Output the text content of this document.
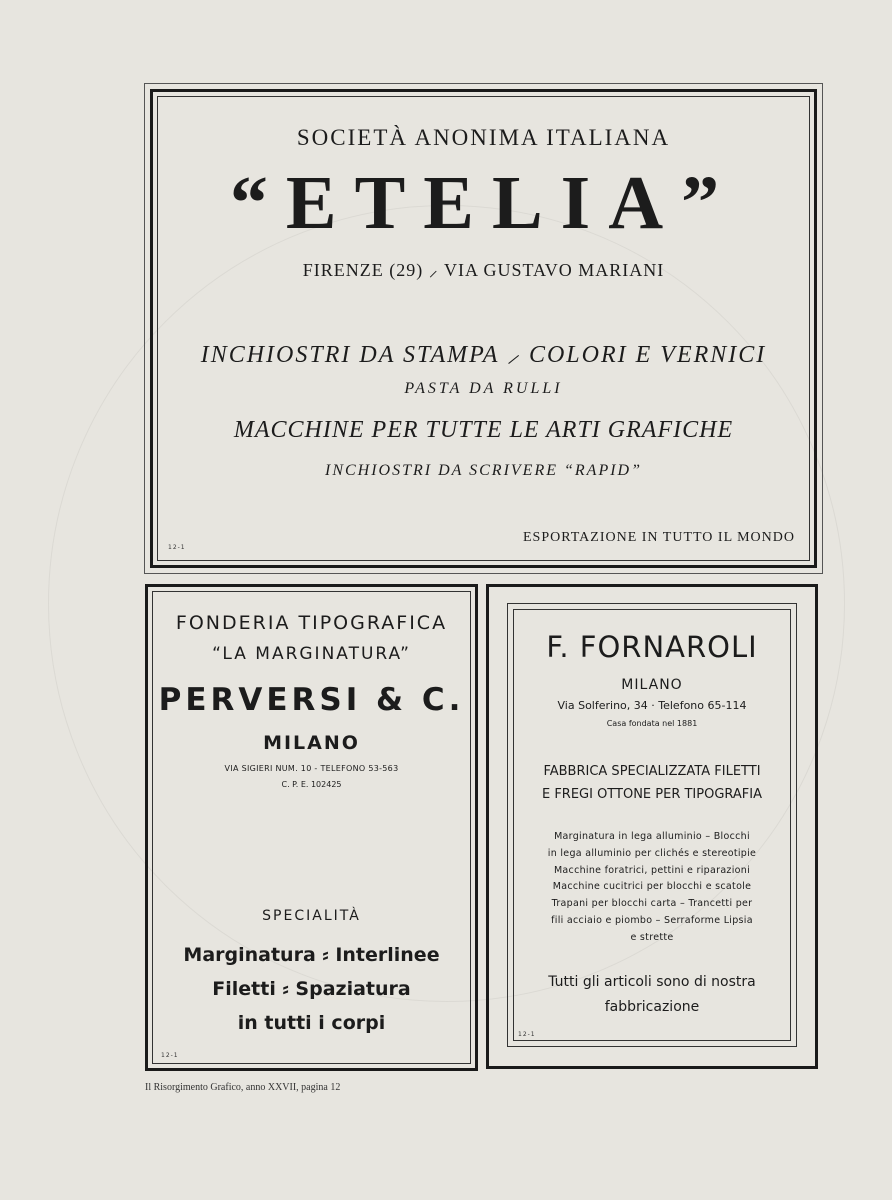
SOCIETÀ ANONIMA ITALIANA
“ETELIA”
FIRENZE (29) ⸝ VIA GUSTAVO MARIANI
INCHIOSTRI DA STAMPA ⸝ COLORI E VERNICI
PASTA DA RULLI
MACCHINE PER TUTTE LE ARTI GRAFICHE
INCHIOSTRI DA SCRIVERE “RAPID”
ESPORTAZIONE IN TUTTO IL MONDO
12-1
FONDERIA TIPOGRAFICA
“LA MARGINATURA”
PERVERSI & C.
MILANO
VIA SIGIERI NUM. 10 - TELEFONO 53-563
C. P. E. 102425
SPECIALITÀ
Marginatura ⸗ Interlinee
Filetti ⸗ Spaziatura
in tutti i corpi
12-1
F. FORNAROLI
MILANO
Via Solferino, 34 · Telefono 65-114
Casa fondata nel 1881
FABBRICA SPECIALIZZATA FILETTI
E FREGI OTTONE PER TIPOGRAFIA
Marginatura in lega alluminio – Blocchi
in lega alluminio per clichés e stereotipie
Macchine foratrici, pettini e riparazioni
Macchine cucitrici per blocchi e scatole
Trapani per blocchi carta – Trancetti per
fili acciaio e piombo – Serraforme Lipsia
e strette
Tutti gli articoli sono di nostra
fabbricazione
12-1
Il Risorgimento Grafico, anno XXVII, pagina 12
